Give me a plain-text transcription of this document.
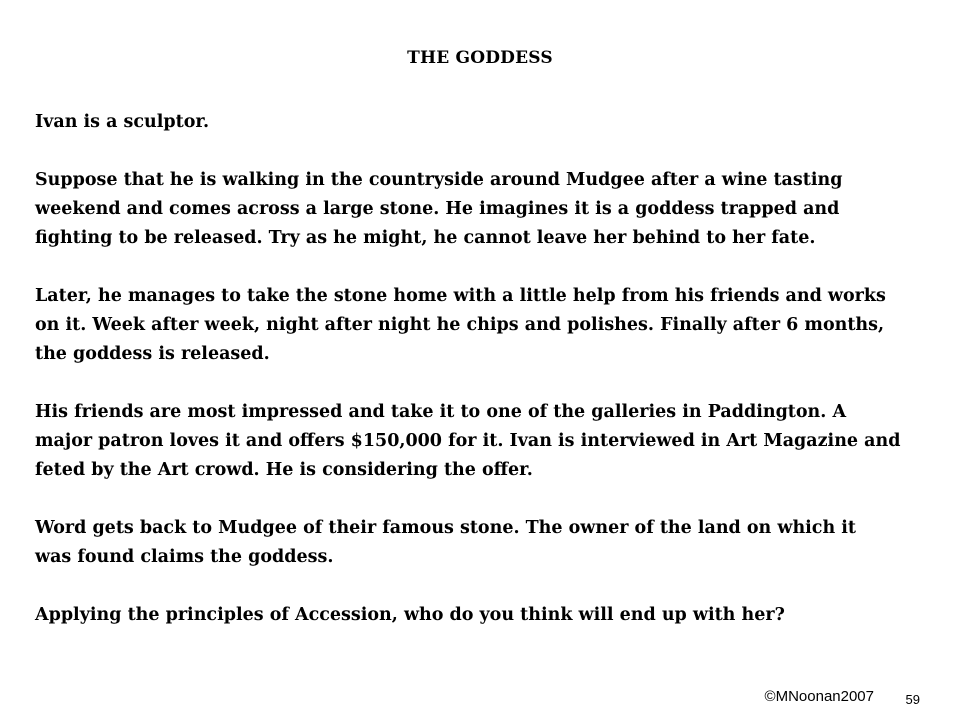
THE GODDESS

Ivan is a sculptor.

Suppose that he is walking in the countryside around Mudgee after a wine tasting
weekend and comes across a large stone. He imagines it is a goddess trapped and
fighting to be released. Try as he might, he cannot leave her behind to her fate.

Later, he manages to take the stone home with a little help from his friends and works
on it. Week after week, night after night he chips and polishes. Finally after 6 months,
the goddess is released.

His friends are most impressed and take it to one of the galleries in Paddington. A
major patron loves it and offers $150,000 for it. Ivan is interviewed in Art Magazine and
feted by the Art crowd. He is considering the offer.

Word gets back to Mudgee of their famous stone. The owner of the land on which it
was found claims the goddess.

Applying the principles of Accession, who do you think will end up with her?

©MNoonan2007 59
